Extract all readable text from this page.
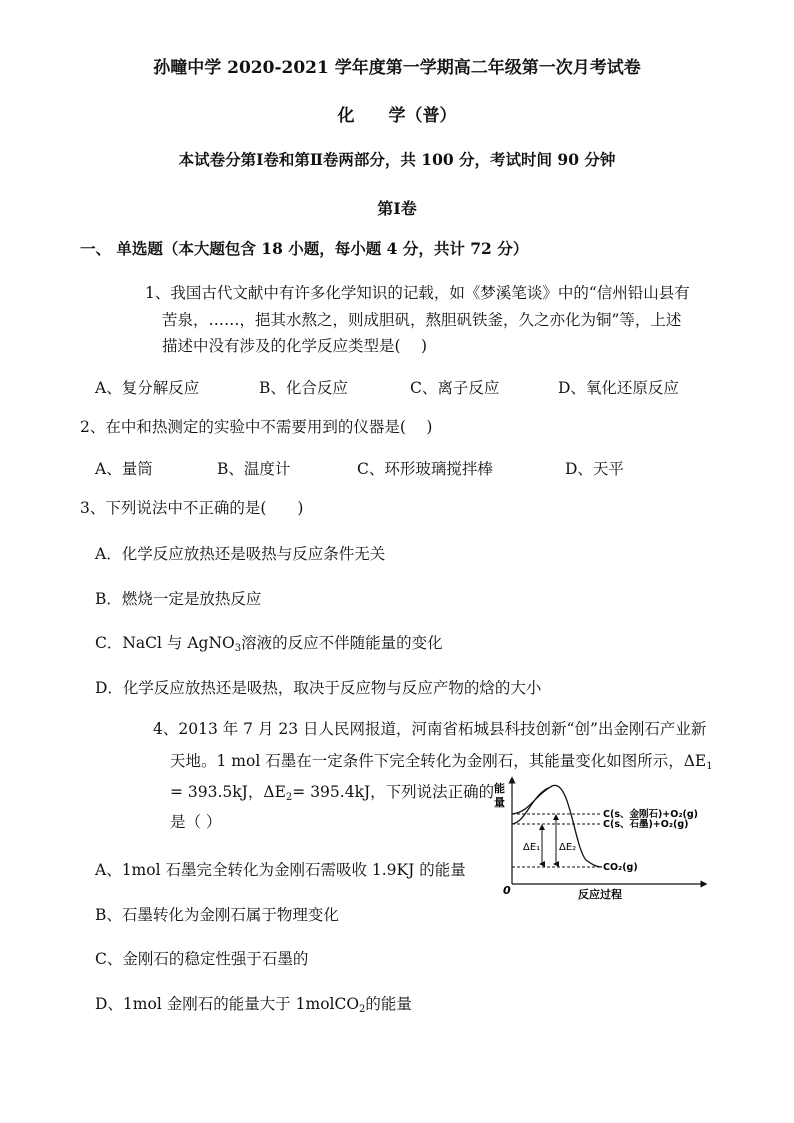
孙疃中学 2020-2021 学年度第一学期高二年级第一次月考试卷
化　　学（普）
本试卷分第Ⅰ卷和第Ⅱ卷两部分，共 100 分，考试时间 90 分钟
第Ⅰ卷
一、 单选题（本大题包含 18 小题，每小题 4 分，共计 72 分）
1、我国古代文献中有许多化学知识的记载，如《梦溪笔谈》中的“信州铅山县有
苦泉，……，挹其水熬之，则成胆矾，熬胆矾铁釜，久之亦化为铜”等，上述
描述中没有涉及的化学反应类型是(　 )
A、复分解反应	B、化合反应	C、离子反应	D、氧化还原反应
2、在中和热测定的实验中不需要用到的仪器是(　 )
A、量筒	B、温度计	C、环形玻璃搅拌棒	D、天平
3、下列说法中不正确的是(　　)
A．化学反应放热还是吸热与反应条件无关
B．燃烧一定是放热反应
C．NaCl 与 AgNO$_3$溶液的反应不伴随能量的变化
D．化学反应放热还是吸热，取决于反应物与反应产物的焓的大小
4、2013 年 7 月 23 日人民网报道，河南省柘城县科技创新“创”出金刚石产业新
天地。1 mol 石墨在一定条件下完全转化为金刚石，其能量变化如图所示，$\Delta E_1$
= 393.5kJ，$\Delta E_2= 395.4kJ$，下列说法正确的
是（ ）
A、1mol 石墨完全转化为金刚石需吸收 1.9KJ 的能量
B、石墨转化为金刚石属于物理变化
C、金刚石的稳定性强于石墨的
D、1mol 金刚石的能量大于 1molCO$_2$的能量
能
量
0	反应过程
ΔE₁ ΔE₂
C(s、金刚石)+O₂(g)
C(s、石墨)+O₂(g)
CO₂(g)
